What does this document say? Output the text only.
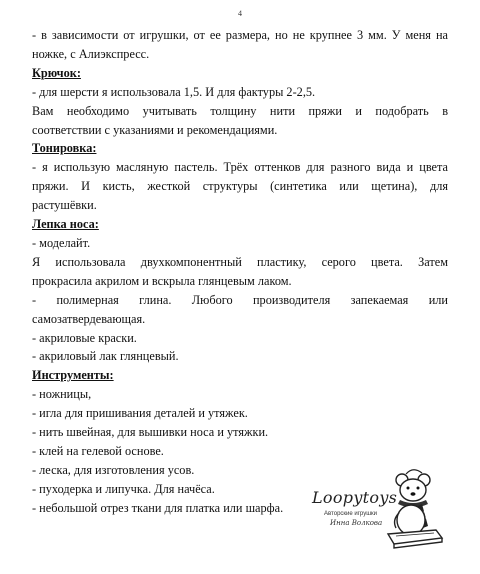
4

- в зависимости от игрушки, от ее размера, но не крупнее 3 мм. У меня на

ножке, с Алиэкспресс.

Крючок:

- для шерсти я использовала 1,5. И для фактуры 2-2,5.

Вам необходимо учитывать толщину нити пряжи и подобрать в

соответствии с указаниями и рекомендациями.

Тонировка:

- я использую масляную пастель. Трёх оттенков для разного вида и цвета

пряжи. И кисть, жесткой структуры (синтетика или щетина), для

растушёвки.

Лепка носа:

- моделайт.

Я использовала двухкомпонентный пластику, серого цвета. Затем

прокрасила акрилом и вскрыла глянцевым лаком.

- полимерная глина. Любого производителя запекаемая или

самозатвердевающая.

- акриловые краски.

- акриловый лак глянцевый.

Инструменты:

- ножницы,

- игла для пришивания деталей и утяжек.

- нить швейная, для вышивки носа и утяжки.

- клей на гелевой основе.

- леска, для изготовления усов.

- пуходерка и липучка. Для начёса.

- небольшой отрез ткани для платка или шарфа.

Loopytoys
Авторские игрушки
Инна Волкова
